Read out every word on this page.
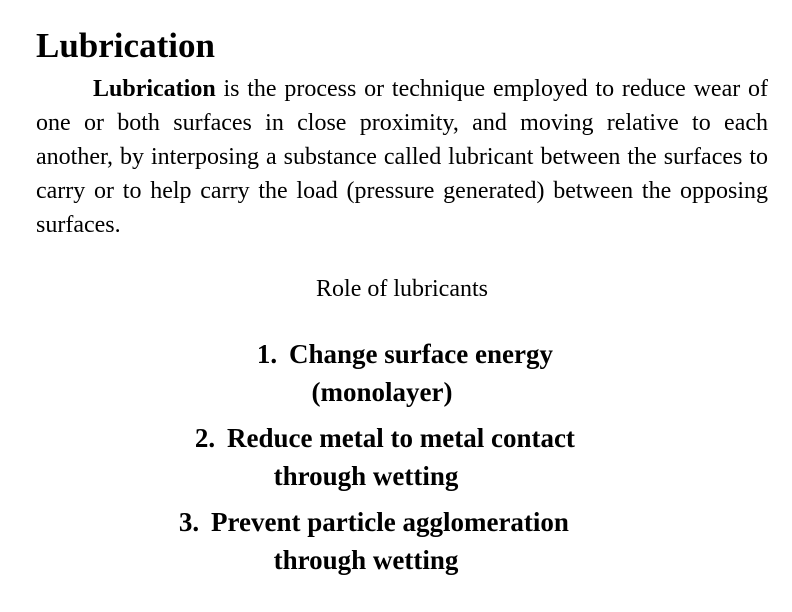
Lubrication

Lubrication is the process or technique employed to reduce wear of one or both surfaces in close proximity, and moving relative to each another, by interposing a substance called lubricant between the surfaces to carry or to help carry the load (pressure generated) between the opposing surfaces.

Role of lubricants

1. Change surface energy
(monolayer)
2. Reduce metal to metal contact
through wetting
3. Prevent particle agglomeration
through wetting
